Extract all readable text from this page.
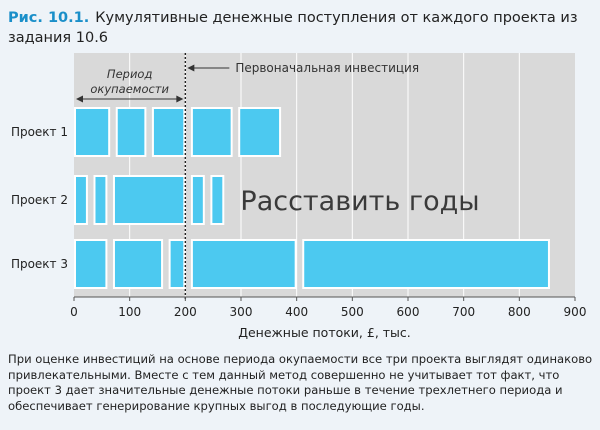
Рис. 10.1. Кумулятивные денежные поступления от каждого проекта из задания 10.6
Проект 1
Проект 2
Проект 3
Период окупаемости
Первоначальная инвестиция
Расставить годы
0	100	200	300	400	500	600	700	800	900
Денежные потоки, £, тыс.
При оценке инвестиций на основе периода окупаемости все три проекта выглядят одинаково привлекательными. Вместе с тем данный метод совершенно не учитывает тот факт, что проект 3 дает значительные денежные потоки раньше в течение трехлетнего периода и обеспечивает генерирование крупных выгод в последующие годы.
